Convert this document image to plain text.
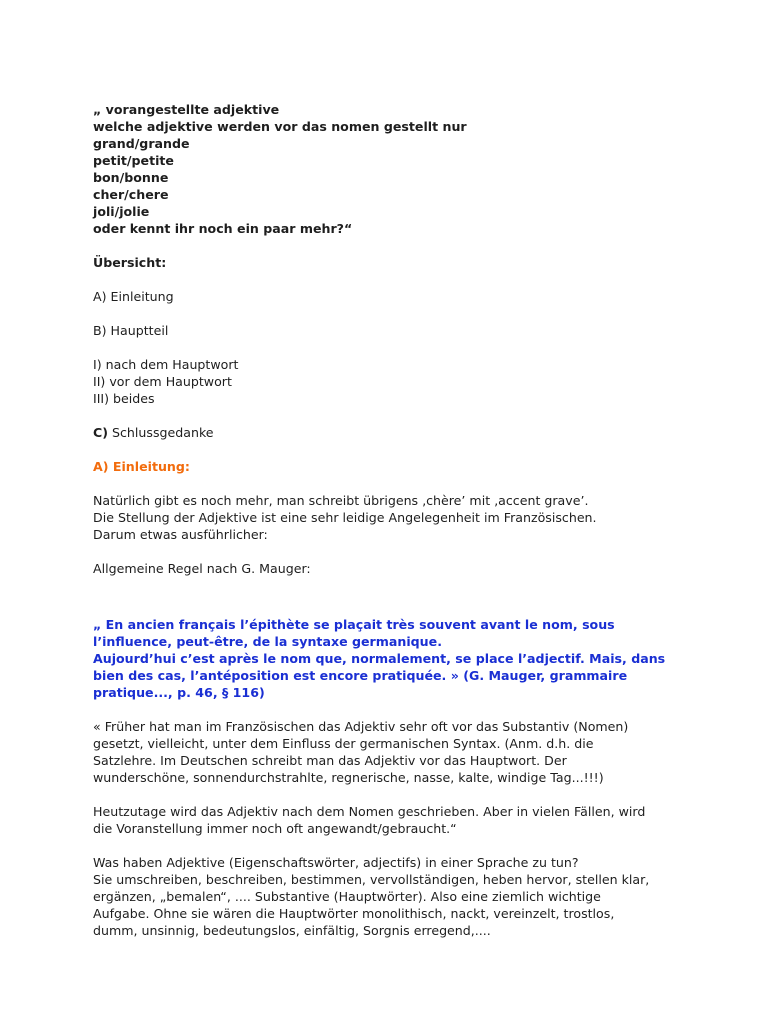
„ vorangestellte adjektive
welche adjektive werden vor das nomen gestellt nur
grand/grande
petit/petite
bon/bonne
cher/chere
joli/jolie
oder kennt ihr noch ein paar mehr?“
Übersicht:
A) Einleitung
B) Hauptteil
I) nach dem Hauptwort
II) vor dem Hauptwort
III) beides
C) Schlussgedanke
A) Einleitung:
Natürlich gibt es noch mehr, man schreibt übrigens ‚chère’ mit ‚accent grave’.
Die Stellung der Adjektive ist eine sehr leidige Angelegenheit im Französischen.
Darum etwas ausführlicher:
Allgemeine Regel nach G. Mauger:
„ En ancien français l’épithète se plaçait très souvent avant le nom, sous
l’influence, peut-être, de la syntaxe germanique.
Aujourd’hui c’est après le nom que, normalement, se place l’adjectif. Mais, dans
bien des cas, l’antéposition est encore pratiquée. » (G. Mauger, grammaire
pratique..., p. 46, § 116)
« Früher hat man im Französischen das Adjektiv sehr oft vor das Substantiv (Nomen)
gesetzt, vielleicht, unter dem Einfluss der germanischen Syntax. (Anm. d.h. die
Satzlehre. Im Deutschen schreibt man das Adjektiv vor das Hauptwort. Der
wunderschöne, sonnendurchstrahlte, regnerische, nasse, kalte, windige Tag...!!!)
Heutzutage wird das Adjektiv nach dem Nomen geschrieben. Aber in vielen Fällen, wird
die Voranstellung immer noch oft angewandt/gebraucht.“
Was haben Adjektive (Eigenschaftswörter, adjectifs) in einer Sprache zu tun?
Sie umschreiben, beschreiben, bestimmen, vervollständigen, heben hervor, stellen klar,
ergänzen, „bemalen“, .... Substantive (Hauptwörter). Also eine ziemlich wichtige
Aufgabe. Ohne sie wären die Hauptwörter monolithisch, nackt, vereinzelt, trostlos,
dumm, unsinnig, bedeutungslos, einfältig, Sorgnis erregend,....
